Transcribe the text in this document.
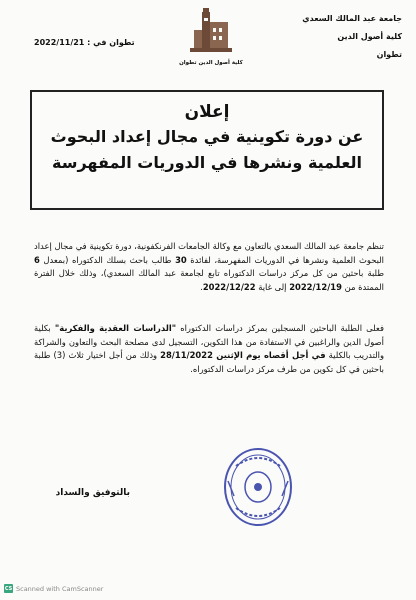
جامعة عبد المالك السعدي
كلية أصول الدين
تطوان
كلية أصول الدين تطوان
تطوان في : 2022/11/21
إعلان
عن دورة تكوينية في مجال إعداد البحوث
العلمية ونشرها في الدوريات المفهرسة
تنظم جامعة عبد المالك السعدي بالتعاون مع وكالة الجامعات الفرنكفونية، دورة تكوينية في مجال إعداد البحوث العلمية ونشرها في الدوريات المفهرسة، لفائدة 30 طالب باحث بسلك الدكتوراه (بمعدل 6 طلبة باحثين من كل مركز دراسات الدكتوراه تابع لجامعة عبد المالك السعدي)، وذلك خلال الفترة الممتدة من 2022/12/19 إلى غاية 2022/12/22.
فعلى الطلبة الباحثين المسجلين بمركز دراسات الدكتوراه "الدراسات العقدية والفكرية" بكلية أصول الدين والراغبين في الاستفادة من هذا التكوين، التسجيل لدى مصلحة البحث والتعاون والشراكة والتدريب بالكلية في أجل أقصاه يوم الإثنين 28/11/2022 وذلك من أجل اختيار ثلاث (3) طلبة باحثين في كل تكوين من طرف مركز دراسات الدكتوراه.
بالتوفيق والسداد
CS Scanned with CamScanner
